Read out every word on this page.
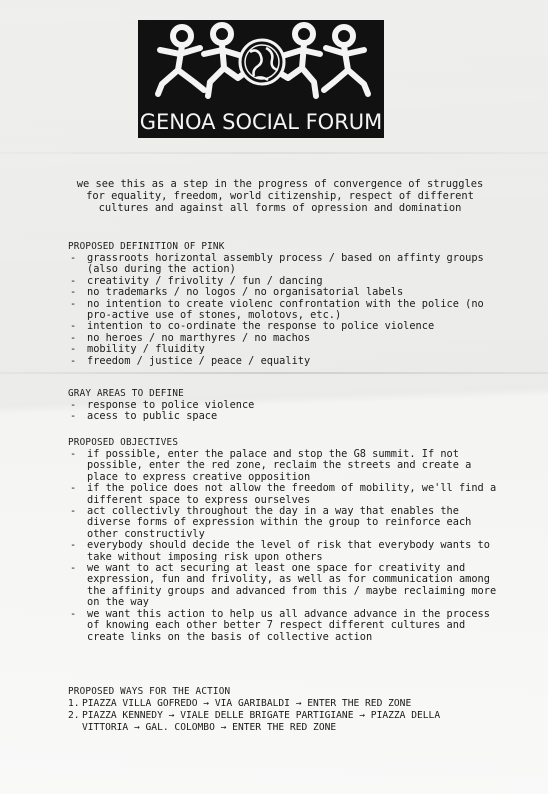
GENOA SOCIAL FORUM
we see this as a step in the progress of convergence of struggles
for equality, freedom, world citizenship, respect of different
cultures and against all forms of opression and domination
PROPOSED DEFINITION OF PINK
- grassroots horizontal assembly process / based on affinty groups (also during the action)
- creativity / frivolity / fun / dancing
- no trademarks / no logos / no organisatorial labels
- no intention to create violenc confrontation with the police (no pro-active use of stones, molotovs, etc.)
- intention to co-ordinate the response to police violence
- no heroes / no marthyres / no machos
- mobility / fluidity
- freedom / justice / peace / equality
GRAY AREAS TO DEFINE
- response to police violence
- acess to public space
PROPOSED OBJECTIVES
- if possible, enter the palace and stop the G8 summit. If not possible, enter the red zone, reclaim the streets and create a place to express creative opposition
- if the police does not allow the freedom of mobility, we'll find a different space to express ourselves
- act collectivly throughout the day in a way that enables the diverse forms of expression within the group to reinforce each other constructivly
- everybody should decide the level of risk that everybody wants to take without imposing risk upon others
- we want to act securing at least one space for creativity and expression, fun and frivolity, as well as for communication among the affinity groups and advanced from this / maybe reclaiming more on the way
- we want this action to help us all advance advance in the process of knowing each other better 7 respect different cultures and create links on the basis of collective action
PROPOSED WAYS FOR THE ACTION
1. PIAZZA VILLA GOFREDO → VIA GARIBALDI → ENTER THE RED ZONE
2. PIAZZA KENNEDY → VIALE DELLE BRIGATE PARTIGIANE → PIAZZA DELLA
VITTORIA → GAL. COLOMBO → ENTER THE RED ZONE
